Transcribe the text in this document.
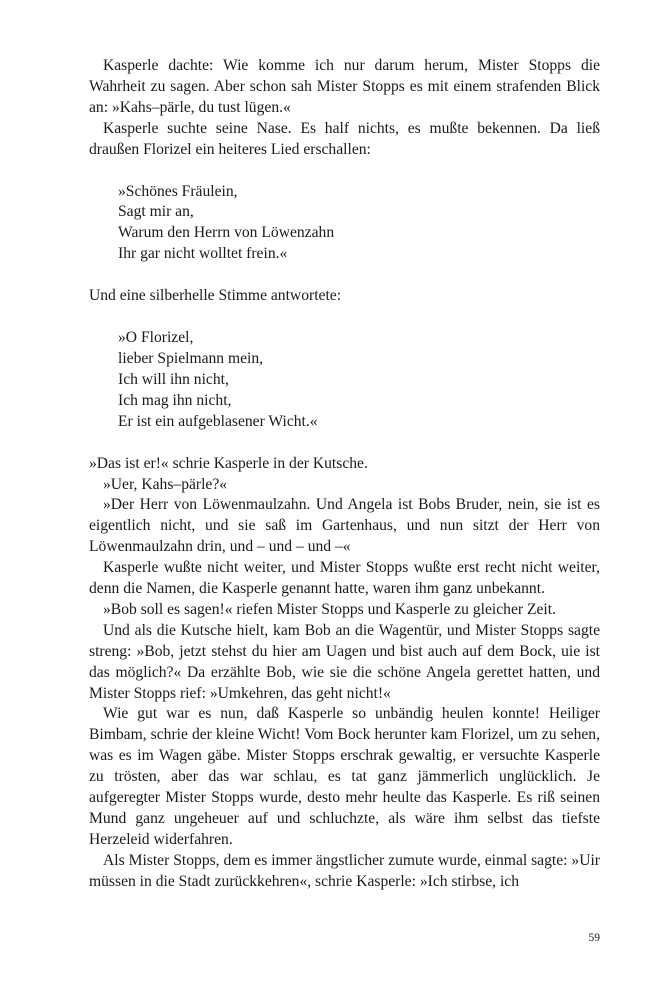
Kasperle dachte: Wie komme ich nur darum herum, Mister Stopps die Wahrheit zu sagen. Aber schon sah Mister Stopps es mit einem strafenden Blick an: »Kahs–pärle, du tust lügen.«

Kasperle suchte seine Nase. Es half nichts, es mußte bekennen. Da ließ draußen Florizel ein heiteres Lied erschallen:

»Schönes Fräulein,
Sagt mir an,
Warum den Herrn von Löwenzahn
Ihr gar nicht wolltet frein.«

Und eine silberhelle Stimme antwortete:

»O Florizel,
lieber Spielmann mein,
Ich will ihn nicht,
Ich mag ihn nicht,
Er ist ein aufgeblasener Wicht.«

»Das ist er!« schrie Kasperle in der Kutsche.

»Uer, Kahs–pärle?«

»Der Herr von Löwenmaulzahn. Und Angela ist Bobs Bruder, nein, sie ist es eigentlich nicht, und sie saß im Gartenhaus, und nun sitzt der Herr von Löwenmaulzahn drin, und – und – und –«

Kasperle wußte nicht weiter, und Mister Stopps wußte erst recht nicht weiter, denn die Namen, die Kasperle genannt hatte, waren ihm ganz unbekannt.

»Bob soll es sagen!« riefen Mister Stopps und Kasperle zu gleicher Zeit.

Und als die Kutsche hielt, kam Bob an die Wagentür, und Mister Stopps sagte streng: »Bob, jetzt stehst du hier am Uagen und bist auch auf dem Bock, uie ist das möglich?« Da erzählte Bob, wie sie die schöne Angela gerettet hatten, und Mister Stopps rief: »Umkehren, das geht nicht!«

Wie gut war es nun, daß Kasperle so unbändig heulen konnte! Heiliger Bimbam, schrie der kleine Wicht! Vom Bock herunter kam Florizel, um zu sehen, was es im Wagen gäbe. Mister Stopps erschrak gewaltig, er versuchte Kasperle zu trösten, aber das war schlau, es tat ganz jämmerlich unglücklich. Je aufgeregter Mister Stopps wurde, desto mehr heulte das Kasperle. Es riß seinen Mund ganz ungeheuer auf und schluchzte, als wäre ihm selbst das tiefste Herzeleid widerfahren.

Als Mister Stopps, dem es immer ängstlicher zumute wurde, einmal sagte: »Uir müssen in die Stadt zurückkehren«, schrie Kasperle: »Ich stirbse, ich

59
